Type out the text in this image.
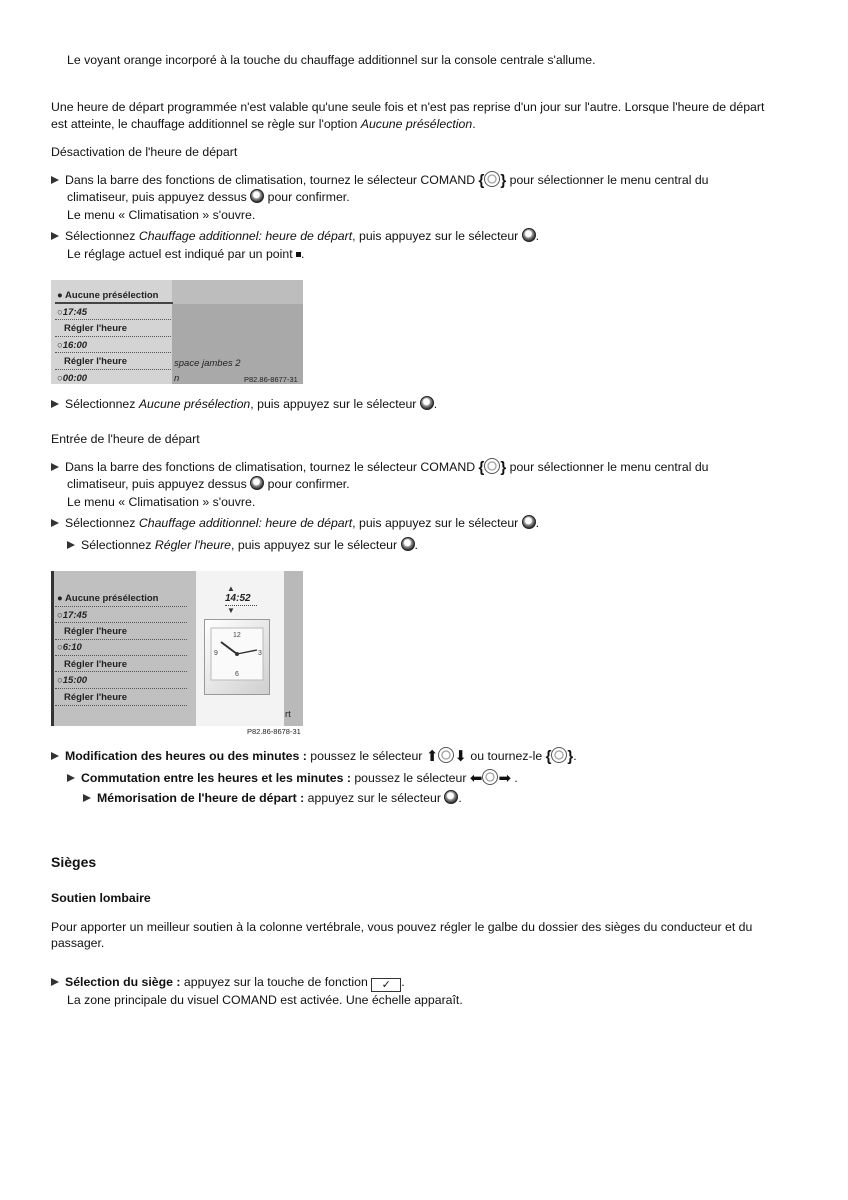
Le voyant orange incorporé à la touche du chauffage additionnel sur la console centrale s'allume.
Une heure de départ programmée n'est valable qu'une seule fois et n'est pas reprise d'un jour sur l'autre. Lorsque l'heure de départ
est atteinte, le chauffage additionnel se règle sur l'option Aucune présélection.
Désactivation de l'heure de départ
Dans la barre des fonctions de climatisation, tournez le sélecteur COMAND { } pour sélectionner le menu central du
climatiseur, puis appuyez dessus  pour confirmer.
Le menu « Climatisation » s'ouvre.
Sélectionnez Chauffage additionnel: heure de départ, puis appuyez sur le sélecteur .
Le réglage actuel est indiqué par un point .
● Aucune présélection
○17:45
Régler l'heure
○16:00
Régler l'heure
○00:00
space jambes 2
n	P82.86-8677-31
Sélectionnez Aucune présélection, puis appuyez sur le sélecteur .
Entrée de l'heure de départ
Dans la barre des fonctions de climatisation, tournez le sélecteur COMAND { } pour sélectionner le menu central du
climatiseur, puis appuyez dessus  pour confirmer.
Le menu « Climatisation » s'ouvre.
Sélectionnez Chauffage additionnel: heure de départ, puis appuyez sur le sélecteur .
Sélectionnez Régler l'heure, puis appuyez sur le sélecteur .
● Aucune présélection
○17:45
Régler l'heure
○6:10
Régler l'heure
○15:00
Régler l'heure
▲
14:52
▼
12
3
6
9
rt
P82.86-8678-31
Modification des heures ou des minutes : poussez le sélecteur ⬆ ⬇ ou tournez-le { }.
Commutation entre les heures et les minutes : poussez le sélecteur ⬅ ➡ .
Mémorisation de l'heure de départ : appuyez sur le sélecteur .
Sièges
Soutien lombaire
Pour apporter un meilleur soutien à la colonne vertébrale, vous pouvez régler le galbe du dossier des sièges du conducteur et du
passager.
Sélection du siège : appuyez sur la touche de fonction ✓ .
La zone principale du visuel COMAND est activée. Une échelle apparaît.
